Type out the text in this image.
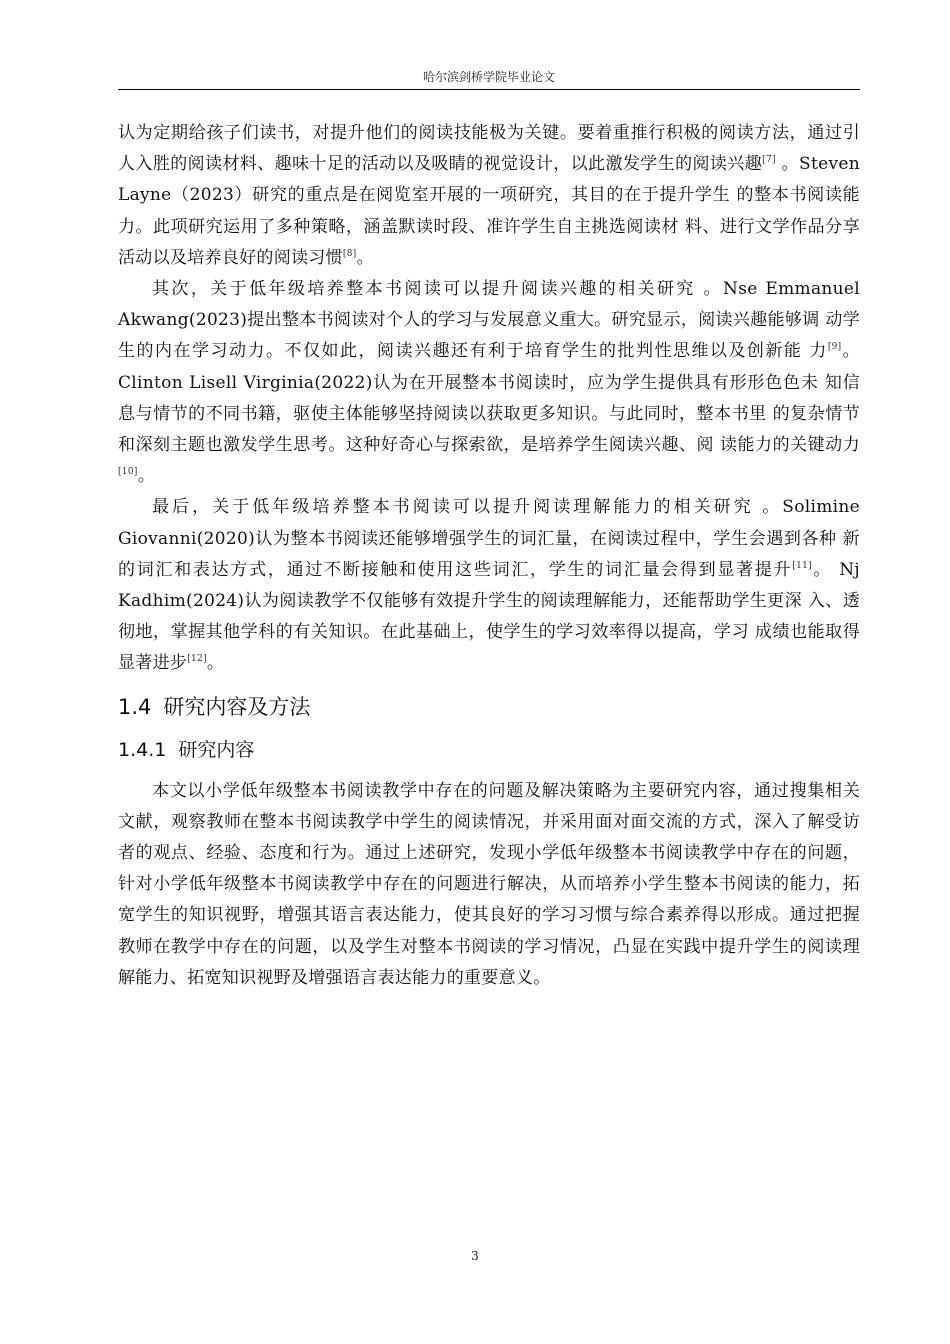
哈尔滨剑桥学院毕业论文

认为定期给孩子们读书，对提升他们的阅读技能极为关键。要着重推行积极的阅读方法，通过引人入胜的阅读材料、趣味十足的活动以及吸睛的视觉设计，以此激发学生的阅读兴趣[7] 。Steven Layne（2023）研究的重点是在阅览室开展的一项研究，其目的在于提升学生 的整本书阅读能力。此项研究运用了多种策略，涵盖默读时段、准许学生自主挑选阅读材 料、进行文学作品分享活动以及培养良好的阅读习惯[8]。

其次，关于低年级培养整本书阅读可以提升阅读兴趣的相关研究 。Nse Emmanuel Akwang(2023)提出整本书阅读对个人的学习与发展意义重大。研究显示，阅读兴趣能够调 动学生的内在学习动力。不仅如此，阅读兴趣还有利于培育学生的批判性思维以及创新能 力[9]。Clinton Lisell Virginia(2022)认为在开展整本书阅读时，应为学生提供具有形形色色未 知信息与情节的不同书籍，驱使主体能够坚持阅读以获取更多知识。与此同时，整本书里 的复杂情节和深刻主题也激发学生思考。这种好奇心与探索欲，是培养学生阅读兴趣、阅 读能力的关键动力[10]。

最后，关于低年级培养整本书阅读可以提升阅读理解能力的相关研究 。Solimine Giovanni(2020)认为整本书阅读还能够增强学生的词汇量，在阅读过程中，学生会遇到各种 新的词汇和表达方式，通过不断接触和使用这些词汇，学生的词汇量会得到显著提升[11]。 Nj Kadhim(2024)认为阅读教学不仅能够有效提升学生的阅读理解能力，还能帮助学生更深 入、透彻地，掌握其他学科的有关知识。在此基础上，使学生的学习效率得以提高，学习 成绩也能取得显著进步[12]。

1.4 研究内容及方法
1.4.1 研究内容

本文以小学低年级整本书阅读教学中存在的问题及解决策略为主要研究内容，通过搜集相关文献，观察教师在整本书阅读教学中学生的阅读情况，并采用面对面交流的方式，深入了解受访者的观点、经验、态度和行为。通过上述研究，发现小学低年级整本书阅读教学中存在的问题，针对小学低年级整本书阅读教学中存在的问题进行解决，从而培养小学生整本书阅读的能力，拓宽学生的知识视野，增强其语言表达能力，使其良好的学习习惯与综合素养得以形成。通过把握教师在教学中存在的问题，以及学生对整本书阅读的学习情况，凸显在实践中提升学生的阅读理解能力、拓宽知识视野及增强语言表达能力的重要意义。

3
